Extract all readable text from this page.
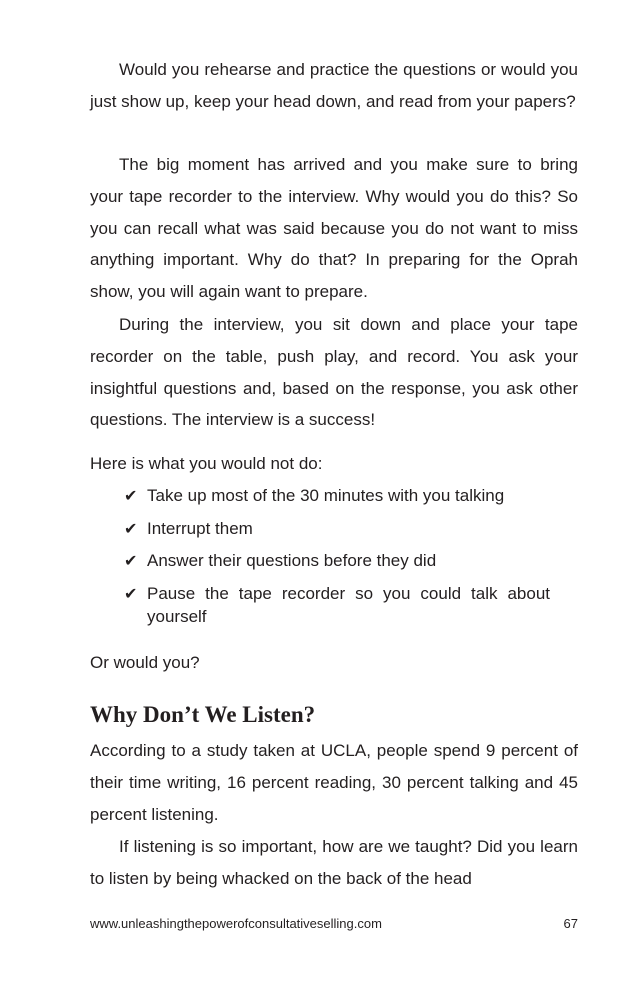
Would you rehearse and practice the questions or would you just show up, keep your head down, and read from your papers?

The big moment has arrived and you make sure to bring your tape recorder to the interview. Why would you do this? So you can recall what was said because you do not want to miss anything important. Why do that? In preparing for the Oprah show, you will again want to prepare.

During the interview, you sit down and place your tape recorder on the table, push play, and record. You ask your insightful questions and, based on the response, you ask other questions. The interview is a success!

Here is what you would not do:

✔ Take up most of the 30 minutes with you talking
✔ Interrupt them
✔ Answer their questions before they did
✔ Pause the tape recorder so you could talk about yourself

Or would you?

Why Don’t We Listen?

According to a study taken at UCLA, people spend 9 percent of their time writing, 16 percent reading, 30 percent talking and 45 percent listening.

If listening is so important, how are we taught? Did you learn to listen by being whacked on the back of the head

www.unleashingthepowerofconsultativeselling.com	67
